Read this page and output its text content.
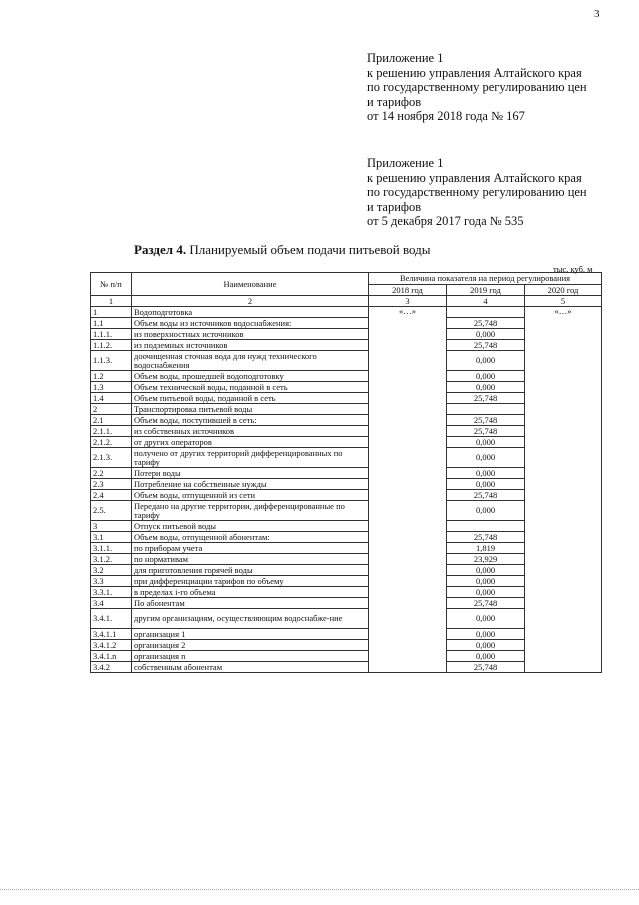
3
Приложение 1
к решению управления Алтайского края
по государственному регулированию цен
и тарифов
от 14 ноября 2018 года № 167
Приложение 1
к решению управления Алтайского края
по государственному регулированию цен
и тарифов
от 5 декабря 2017 года № 535
Раздел 4. Планируемый объем подачи питьевой воды
тыс. куб. м
№ п/п	Наименование	Величина показателя на период регулирования		
		2018 год	2019 год	2020 год
1	2	3	4	5
1	Водоподготовка	«…»		«…»
1.1	Объем воды из источников водоснабжения:		25,748	
1.1.1.	из поверхностных источников		0,000	
1.1.2.	из подземных источников		25,748	
1.1.3.	доочищенная сточная вода для нужд технического водоснабжения		0,000	
1.2	Объем воды, прошедшей водоподготовку		0,000	
1.3	Объем технической воды, поданной в сеть		0,000	
1.4	Объем питьевой воды, поданной в сеть		25,748	
2	Транспортировка питьевой воды			
2.1	Объем воды, поступившей в сеть:		25,748	
2.1.1.	из собственных источников		25,748	
2.1.2.	от других операторов		0,000	
2.1.3.	получено от других территорий дифференцированных по тарифу		0,000	
2.2	Потери воды		0,000	
2.3	Потребление на собственные нужды		0,000	
2.4	Объем воды, отпущенной из сети		25,748	
2.5.	Передано на другие территории, дифференцированные по тарифу		0,000	
3	Отпуск питьевой воды			
3.1	Объем воды, отпущенной абонентам:		25,748	
3.1.1.	по приборам учета		1,819	
3.1.2.	по нормативам		23,929	
3.2	для приготовления горячей воды		0,000	
3.3	при дифференциации тарифов по объему		0,000	
3.3.1.	в пределах i-го объема		0,000	
3.4	По абонентам		25,748	
3.4.1.	другим организациям, осуществляющим водоснабже-ние		0,000	
3.4.1.1	организация 1		0,000	
3.4.1.2	организация 2		0,000	
3.4.1.n	организация n		0,000	
3.4.2	собственным абонентам		25,748	
